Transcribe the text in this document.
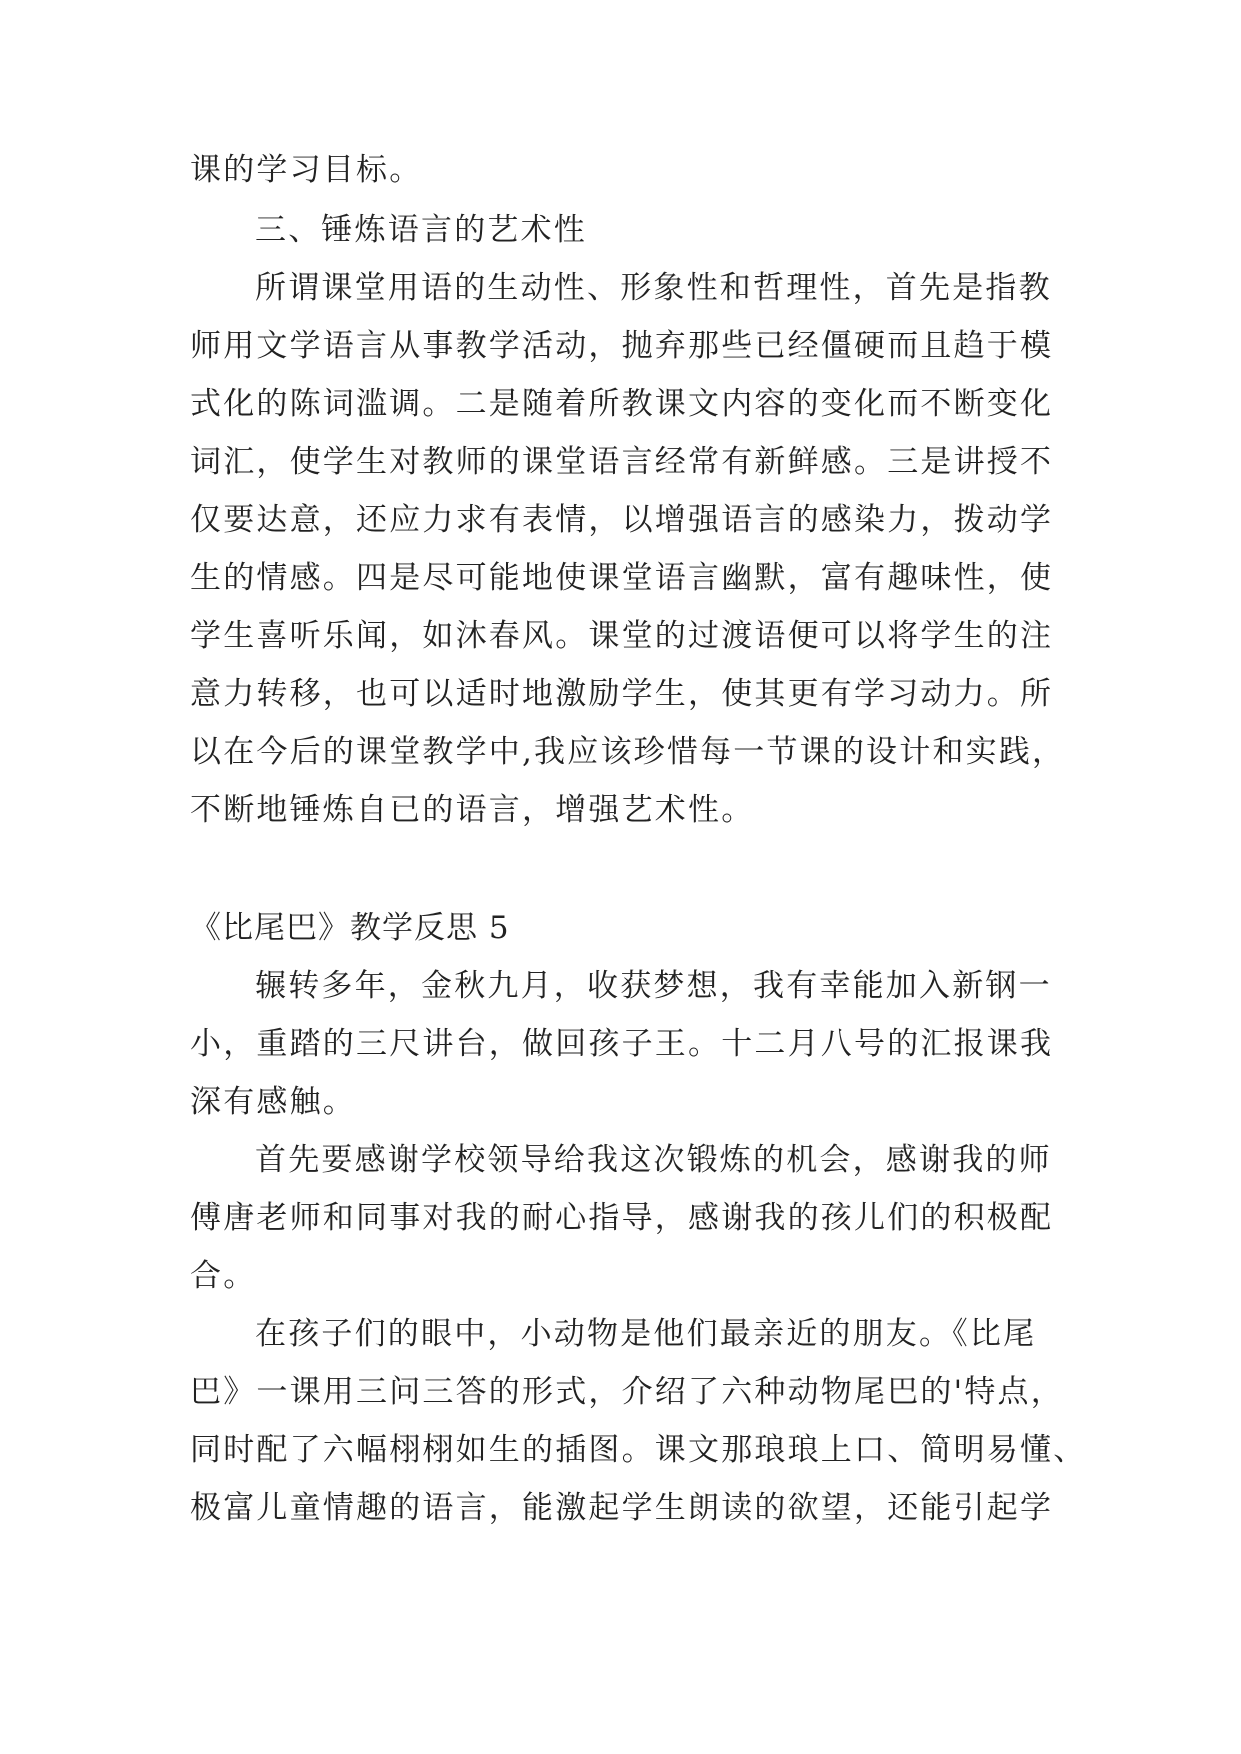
课的学习目标。
三、锤炼语言的艺术性
所谓课堂用语的生动性、形象性和哲理性，首先是指教
师用文学语言从事教学活动，抛弃那些已经僵硬而且趋于模
式化的陈词滥调。二是随着所教课文内容的变化而不断变化
词汇，使学生对教师的课堂语言经常有新鲜感。三是讲授不
仅要达意，还应力求有表情，以增强语言的感染力，拨动学
生的情感。四是尽可能地使课堂语言幽默，富有趣味性，使
学生喜听乐闻，如沐春风。课堂的过渡语便可以将学生的注
意力转移，也可以适时地激励学生，使其更有学习动力。所
以在今后的课堂教学中,我应该珍惜每一节课的设计和实践，
不断地锤炼自已的语言，增强艺术性。
《比尾巴》教学反思 5
辗转多年，金秋九月，收获梦想，我有幸能加入新钢一
小，重踏的三尺讲台，做回孩子王。十二月八号的汇报课我
深有感触。
首先要感谢学校领导给我这次锻炼的机会，感谢我的师
傅唐老师和同事对我的耐心指导，感谢我的孩儿们的积极配
合。
在孩子们的眼中，小动物是他们最亲近的朋友。《比尾
巴》一课用三问三答的形式，介绍了六种动物尾巴的'特点，
同时配了六幅栩栩如生的插图。课文那琅琅上口、简明易懂、
极富儿童情趣的语言，能激起学生朗读的欲望，还能引起学
